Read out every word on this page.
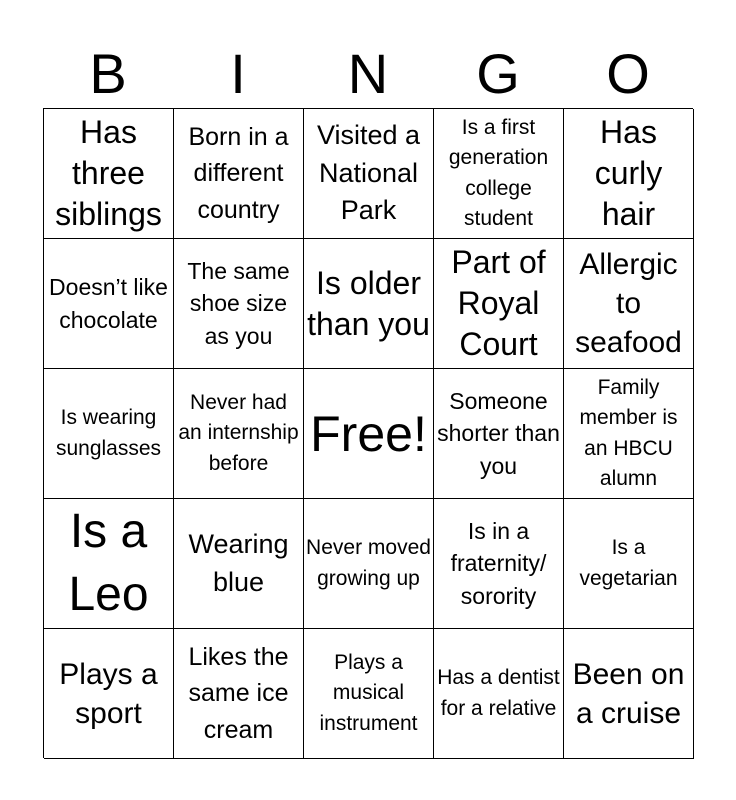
B	I	N	G	O
Has three siblings
Born in a different country
Visited a National Park
Is a first generation college student
Has curly hair
Doesn’t like chocolate
The same shoe size as you
Is older than you
Part of Royal Court
Allergic to seafood
Is wearing sunglasses
Never had an internship before
Free!
Someone shorter than you
Family member is an HBCU alumn
Is a Leo
Wearing blue
Never moved growing up
Is in a fraternity/ sorority
Is a vegetarian
Plays a sport
Likes the same ice cream
Plays a musical instrument
Has a dentist for a relative
Been on a cruise
